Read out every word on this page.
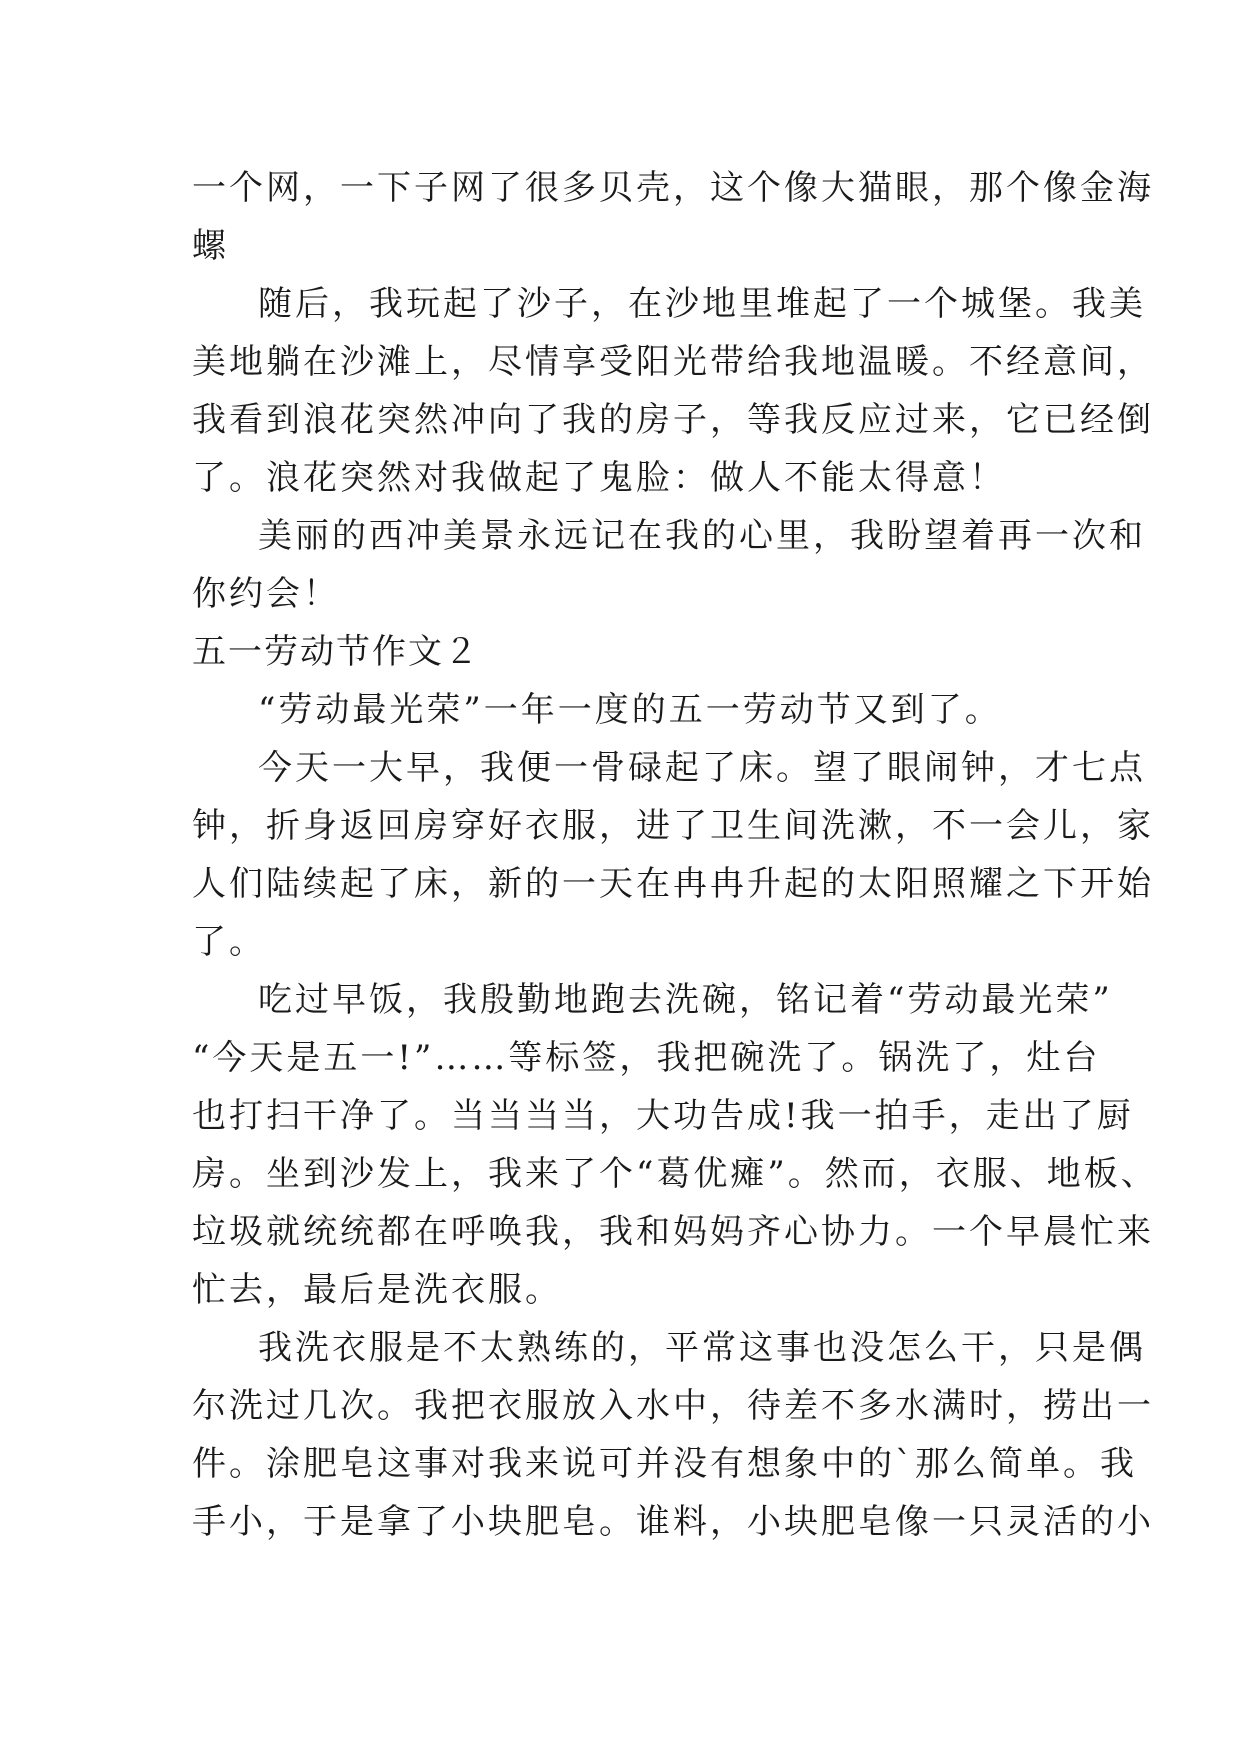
一个网，一下子网了很多贝壳，这个像大猫眼，那个像金海
螺
随后，我玩起了沙子，在沙地里堆起了一个城堡。我美
美地躺在沙滩上，尽情享受阳光带给我地温暖。不经意间，
我看到浪花突然冲向了我的房子，等我反应过来，它已经倒
了。浪花突然对我做起了鬼脸：做人不能太得意！
美丽的西冲美景永远记在我的心里，我盼望着再一次和
你约会！
五一劳动节作文２
“劳动最光荣”一年一度的五一劳动节又到了。
今天一大早，我便一骨碌起了床。望了眼闹钟，才七点
钟，折身返回房穿好衣服，进了卫生间洗漱，不一会儿，家
人们陆续起了床，新的一天在冉冉升起的太阳照耀之下开始
了。
吃过早饭，我殷勤地跑去洗碗，铭记着“劳动最光荣”
“今天是五一!”……等标签，我把碗洗了。锅洗了，灶台
也打扫干净了。当当当当，大功告成!我一拍手，走出了厨
房。坐到沙发上，我来了个“葛优瘫”。然而，衣服、地板、
垃圾就统统都在呼唤我，我和妈妈齐心协力。一个早晨忙来
忙去，最后是洗衣服。
我洗衣服是不太熟练的，平常这事也没怎么干，只是偶
尔洗过几次。我把衣服放入水中，待差不多水满时，捞出一
件。涂肥皂这事对我来说可并没有想象中的`那么简单。我
手小，于是拿了小块肥皂。谁料，小块肥皂像一只灵活的小
